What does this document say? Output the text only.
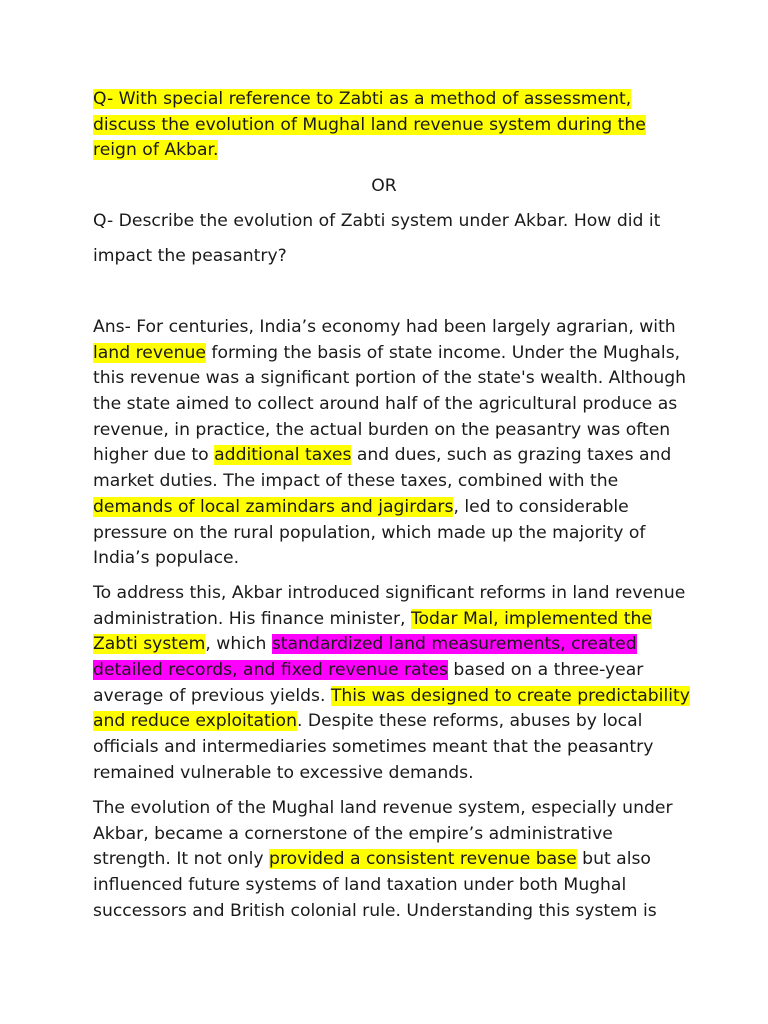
Q- With special reference to Zabti as a method of assessment,
discuss the evolution of Mughal land revenue system during the
reign of Akbar.
OR
Q- Describe the evolution of Zabti system under Akbar. How did it
impact the peasantry?
Ans- For centuries, India’s economy had been largely agrarian, with
land revenue forming the basis of state income. Under the Mughals,
this revenue was a significant portion of the state's wealth. Although
the state aimed to collect around half of the agricultural produce as
revenue, in practice, the actual burden on the peasantry was often
higher due to additional taxes and dues, such as grazing taxes and
market duties. The impact of these taxes, combined with the
demands of local zamindars and jagirdars, led to considerable
pressure on the rural population, which made up the majority of
India’s populace.
To address this, Akbar introduced significant reforms in land revenue
administration. His finance minister, Todar Mal, implemented the
Zabti system, which standardized land measurements, created
detailed records, and fixed revenue rates based on a three-year
average of previous yields. This was designed to create predictability
and reduce exploitation. Despite these reforms, abuses by local
officials and intermediaries sometimes meant that the peasantry
remained vulnerable to excessive demands.
The evolution of the Mughal land revenue system, especially under
Akbar, became a cornerstone of the empire’s administrative
strength. It not only provided a consistent revenue base but also
influenced future systems of land taxation under both Mughal
successors and British colonial rule. Understanding this system is
